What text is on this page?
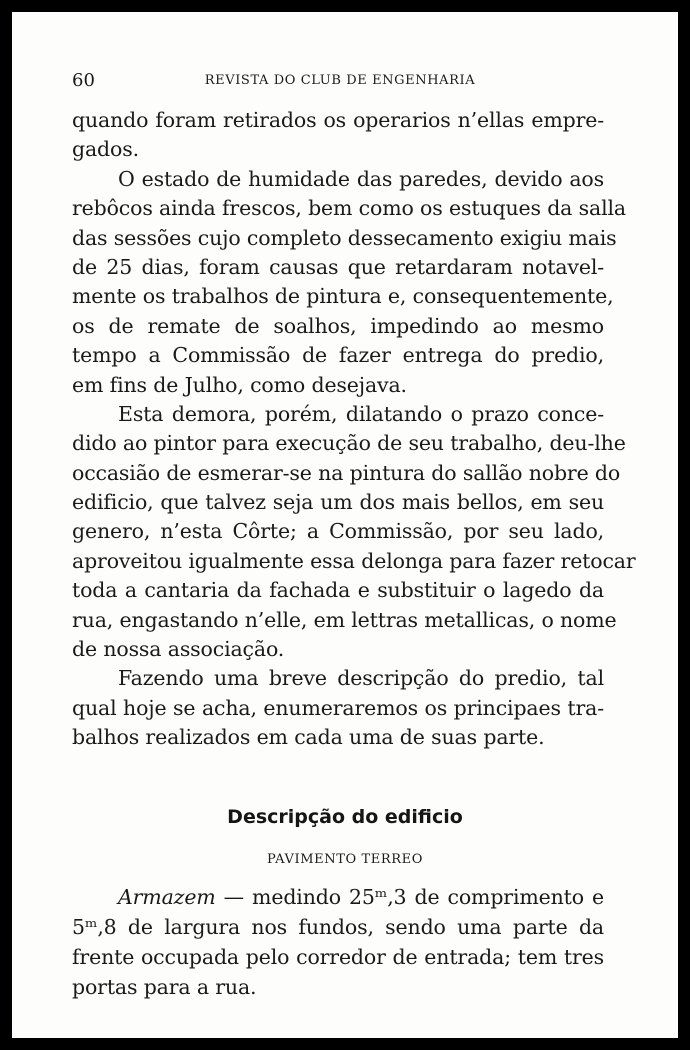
60	REVISTA DO CLUB DE ENGENHARIA
quando foram retirados os operarios n’ellas empre-
gados.
O estado de humidade das paredes, devido aos
rebôcos ainda frescos, bem como os estuques da salla
das sessões cujo completo dessecamento exigiu mais
de 25 dias, foram causas que retardaram notavel-
mente os trabalhos de pintura e, consequentemente,
os de remate de soalhos, impedindo ao mesmo
tempo a Commissão de fazer entrega do predio,
em fins de Julho, como desejava.
Esta demora, porém, dilatando o prazo conce-
dido ao pintor para execução de seu trabalho, deu-lhe
occasião de esmerar-se na pintura do sallão nobre do
edificio, que talvez seja um dos mais bellos, em seu
genero, n’esta Côrte; a Commissão, por seu lado,
aproveitou igualmente essa delonga para fazer retocar
toda a cantaria da fachada e substituir o lagedo da
rua, engastando n’elle, em lettras metallicas, o nome
de nossa associação.
Fazendo uma breve descripção do predio, tal
qual hoje se acha, enumeraremos os principaes tra-
balhos realizados em cada uma de suas parte.
Descripção do edificio
PAVIMENTO TERREO
Armazem — medindo 25ᵐ,3 de comprimento e
5ᵐ,8 de largura nos fundos, sendo uma parte da
frente occupada pelo corredor de entrada; tem tres
portas para a rua.
